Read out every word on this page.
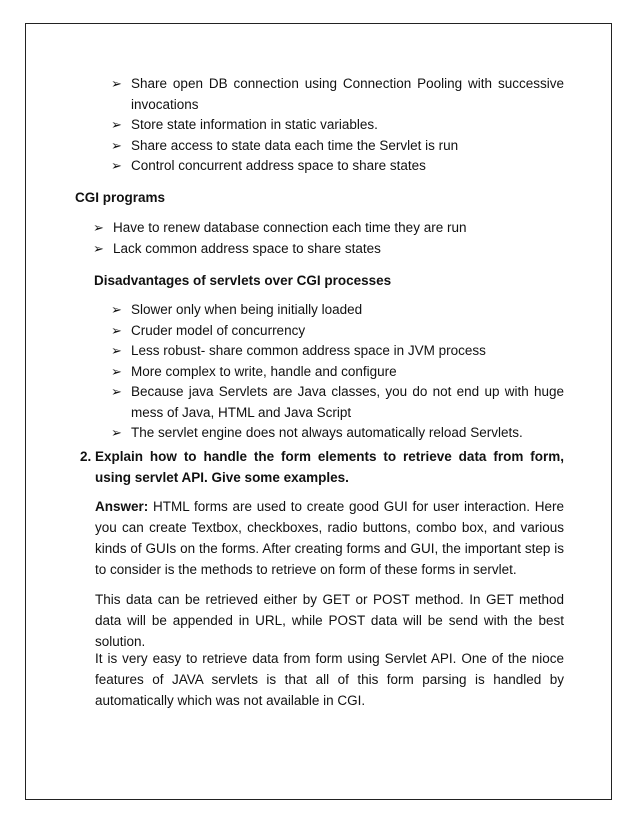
➢ Share open DB connection using Connection Pooling with successive invocations
➢ Store state information in static variables.
➢ Share access to state data each time the Servlet is run
➢ Control concurrent address space to share states
CGI programs
➢ Have to renew database connection each time they are run
➢ Lack common address space to share states
Disadvantages of servlets over CGI processes
➢ Slower only when being initially loaded
➢ Cruder model of concurrency
➢ Less robust- share common address space in JVM process
➢ More complex to write, handle and configure
➢ Because java Servlets are Java classes, you do not end up with huge mess of Java, HTML and Java Script
➢ The servlet engine does not always automatically reload Servlets.
2. Explain how to handle the form elements to retrieve data from form, using servlet API. Give some examples.

Answer: HTML forms are used to create good GUI for user interaction. Here you can create Textbox, checkboxes, radio buttons, combo box, and various kinds of GUIs on the forms. After creating forms and GUI, the important step is to consider is the methods to retrieve on form of these forms in servlet.

This data can be retrieved either by GET or POST method. In GET method data will be appended in URL, while POST data will be send with the best solution.

It is very easy to retrieve data from form using Servlet API. One of the nioce features of JAVA servlets is that all of this form parsing is handled by automatically which was not available in CGI.
